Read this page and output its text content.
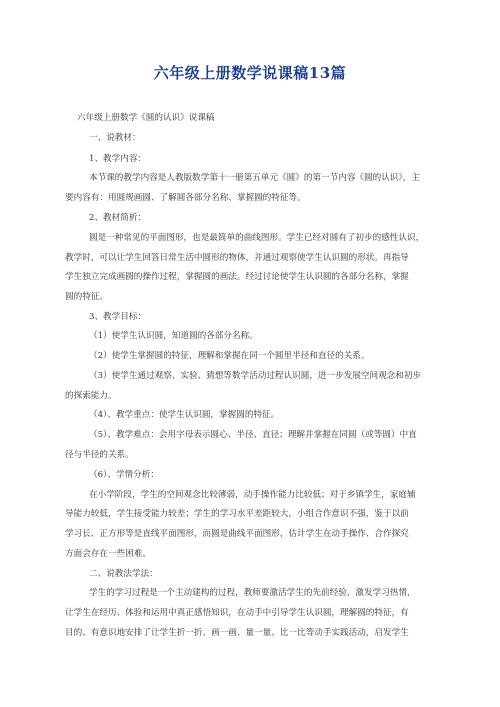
六年级上册数学说课稿13篇
六年级上册数学《圆的认识》说课稿
一、说教材：
1、教学内容：
本节课的教学内容是人教版数学第十一册第五单元《圆》的第一节内容《圆的认识》，主
要内容有：用圆规画圆、了解圆各部分名称、掌握圆的特征等。
2、教材简析：
圆是一种常见的平面图形，也是最简单的曲线图形。学生已经对圆有了初步的感性认识，
教学时，可以让学生回答日常生活中圆形的物体，并通过观察使学生认识圆的形状。再指导
学生独立完成画圆的操作过程，掌握圆的画法。经过讨论使学生认识圆的各部分名称，掌握
圆的特征。
3、教学目标：
（1）使学生认识圆，知道圆的各部分名称。
（2）使学生掌握圆的特征，理解和掌握在同一个圆里半径和直径的关系。
（3）使学生通过观察、实验、猜想等数学活动过程认识圆，进一步发展空间观念和初步
的探索能力。
（4）、教学重点：使学生认识圆，掌握圆的特征。
（5）、教学难点：会用字母表示圆心、半径、直径；理解并掌握在同圆（或等圆）中直
径与半径的关系。
（6）、学情分析：
在小学阶段，学生的空间观念比较薄弱，动手操作能力比较低；对于乡镇学生，家庭辅
导能力较低，学生接受能力较差；学生的学习水平差距较大，小组合作意识不强，鉴于以前
学习长、正方形等是直线平面图形，而圆是曲线平面图形，估计学生在动手操作、合作探究
方面会存在一些困难。
二、说教法学法：
学生的学习过程是一个主动建构的过程，教师要激活学生的先前经验，激发学习热情，
让学生在经历、体验和运用中真正感悟知识，在动手中引导学生认识圆，理解圆的特征，有
目的、有意识地安排了让学生折一折、画一画、量一量、比一比等动手实践活动，启发学生
